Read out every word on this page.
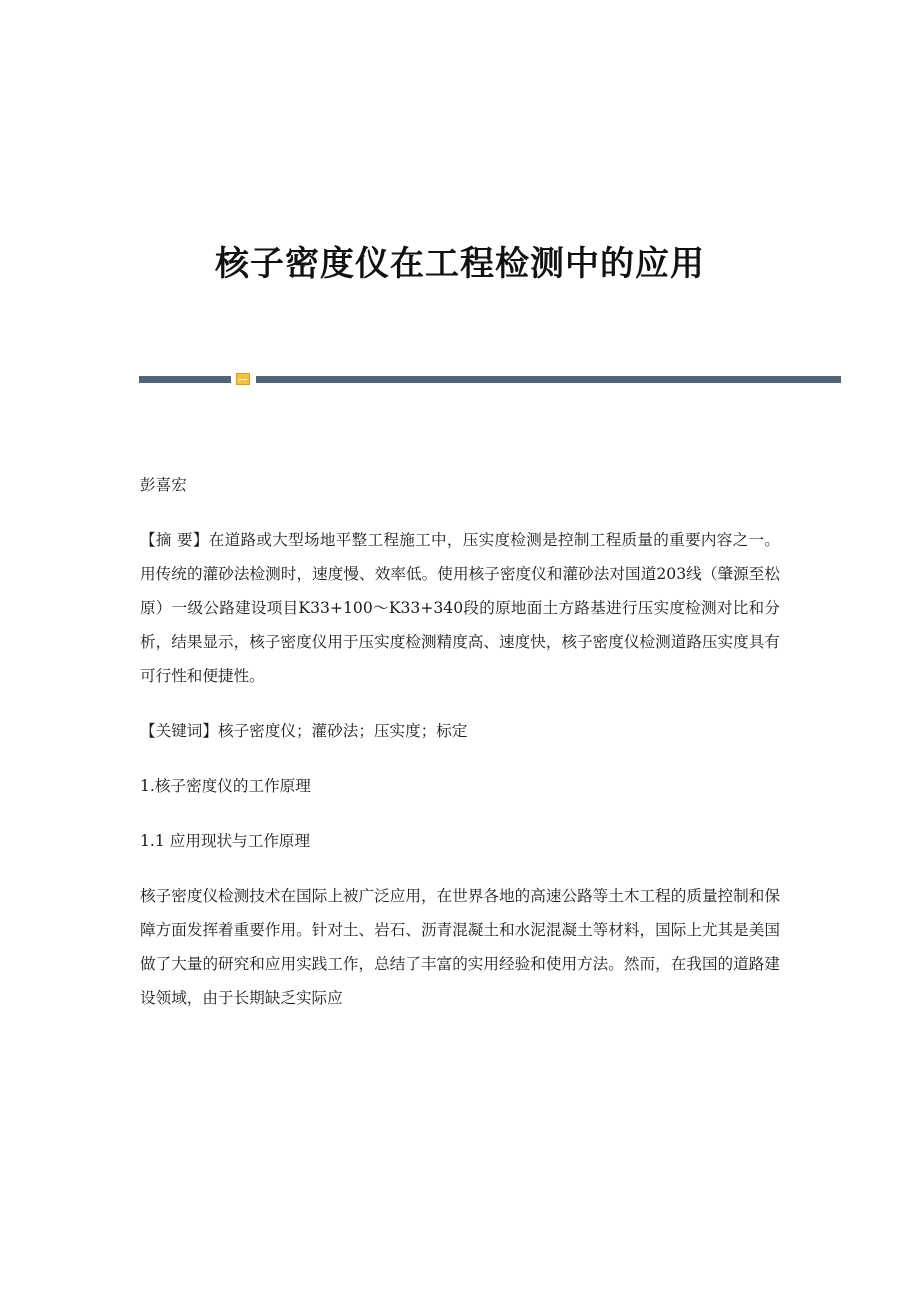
核子密度仪在工程检测中的应用

彭喜宏

【摘 要】在道路或大型场地平整工程施工中，压实度检测是控制工程质量的重要内容之一。用传统的灌砂法检测时，速度慢、效率低。使用核子密度仪和灌砂法对国道203线（肇源至松原）一级公路建设项目K33+100～K33+340段的原地面土方路基进行压实度检测对比和分析，结果显示，核子密度仪用于压实度检测精度高、速度快，核子密度仪检测道路压实度具有可行性和便捷性。

【关键词】核子密度仪；灌砂法；压实度；标定

1.核子密度仪的工作原理

1.1 应用现状与工作原理

核子密度仪检测技术在国际上被广泛应用，在世界各地的高速公路等土木工程的质量控制和保障方面发挥着重要作用。针对土、岩石、沥青混凝土和水泥混凝土等材料，国际上尤其是美国做了大量的研究和应用实践工作，总结了丰富的实用经验和使用方法。然而，在我国的道路建设领域，由于长期缺乏实际应
